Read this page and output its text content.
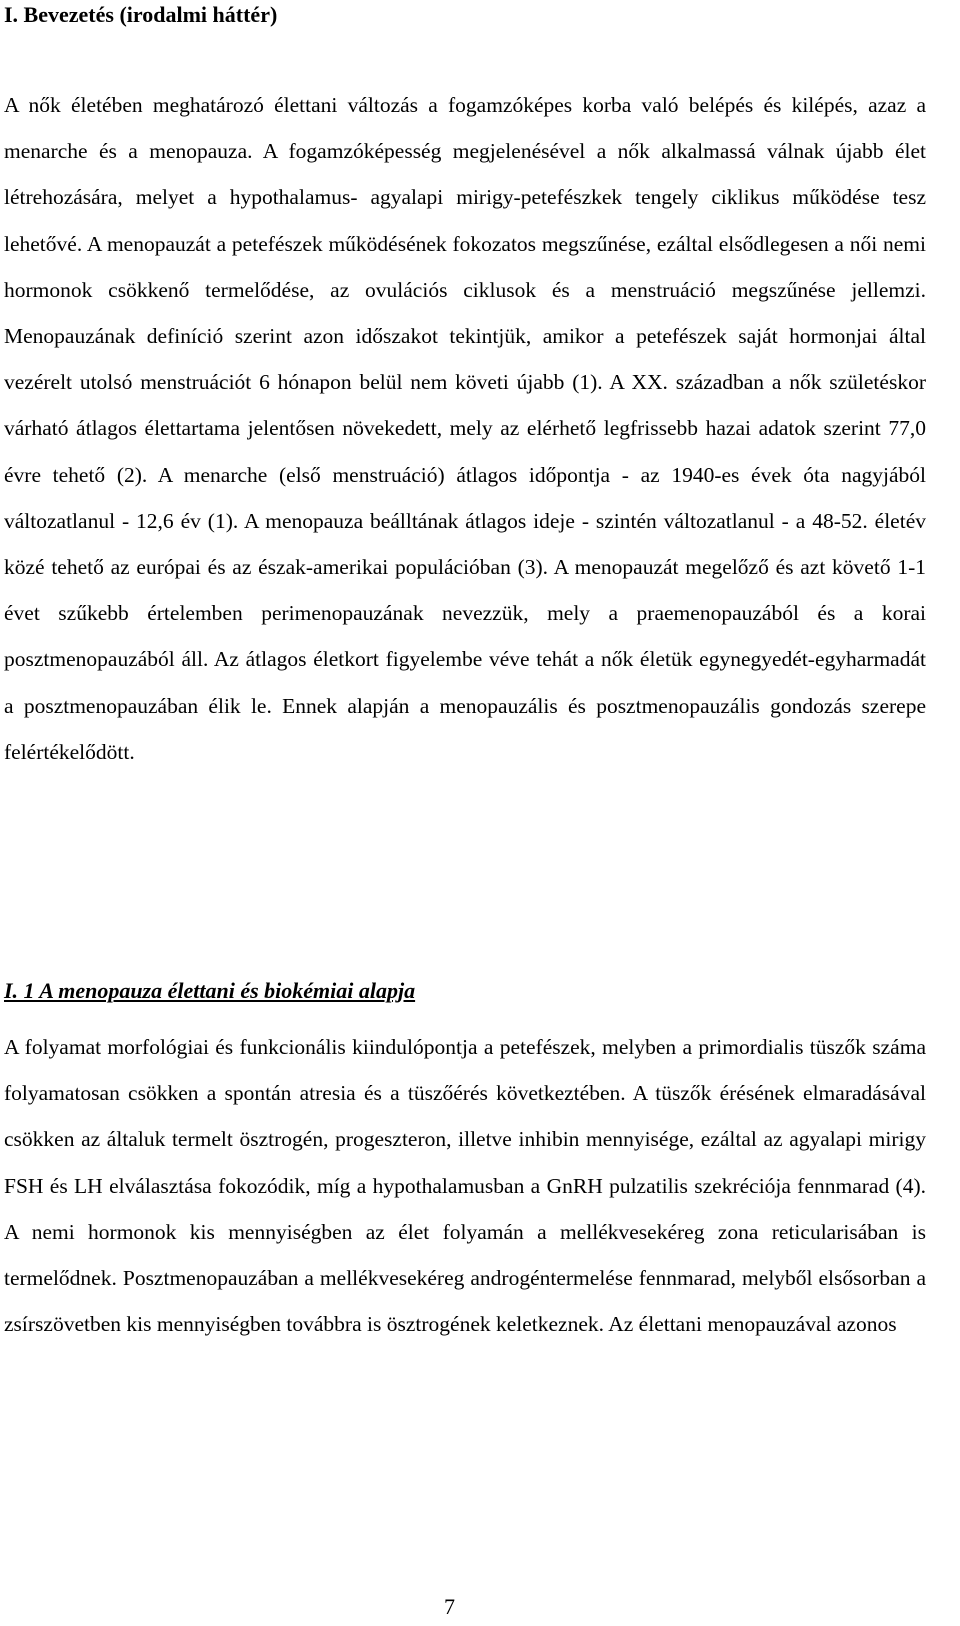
I. Bevezetés (irodalmi háttér)

A nők életében meghatározó élettani változás a fogamzóképes korba való belépés és kilépés, azaz a menarche és a menopauza. A fogamzóképesség megjelenésével a nők alkalmassá válnak újabb élet létrehozására, melyet a hypothalamus- agyalapi mirigy-petefészkek tengely ciklikus működése tesz lehetővé. A menopauzát a petefészek működésének fokozatos megszűnése, ezáltal elsődlegesen a női nemi hormonok csökkenő termelődése, az ovulációs ciklusok és a menstruáció megszűnése jellemzi. Menopauzának definíció szerint azon időszakot tekintjük, amikor a petefészek saját hormonjai által vezérelt utolsó menstruációt 6 hónapon belül nem követi újabb (1). A XX. században a nők születéskor várható átlagos élettartama jelentősen növekedett, mely az elérhető legfrissebb hazai adatok szerint 77,0 évre tehető (2). A menarche (első menstruáció) átlagos időpontja - az 1940-es évek óta nagyjából változatlanul - 12,6 év (1). A menopauza beálltának átlagos ideje - szintén változatlanul - a 48-52. életév közé tehető az európai és az észak-amerikai populációban (3). A menopauzát megelőző és azt követő 1-1 évet szűkebb értelemben perimenopauzának nevezzük, mely a praemenopauzából és a korai posztmenopauzából áll. Az átlagos életkort figyelembe véve tehát a nők életük egynegyedét-egyharmadát a posztmenopauzában élik le. Ennek alapján a menopauzális és posztmenopauzális gondozás szerepe felértékelődött.

I. 1 A menopauza élettani és biokémiai alapja

A folyamat morfológiai és funkcionális kiindulópontja a petefészek, melyben a primordialis tüszők száma folyamatosan csökken a spontán atresia és a tüszőérés következtében. A tüszők érésének elmaradásával csökken az általuk termelt ösztrogén, progeszteron, illetve inhibin mennyisége, ezáltal az agyalapi mirigy FSH és LH elválasztása fokozódik, míg a hypothalamusban a GnRH pulzatilis szekréciója fennmarad (4). A nemi hormonok kis mennyiségben az élet folyamán a mellékvesekéreg zona reticularisában is termelődnek. Posztmenopauzában a mellékvesekéreg androgéntermelése fennmarad, melyből elsősorban a zsírszövetben kis mennyiségben továbbra is ösztrogének keletkeznek. Az élettani menopauzával azonos

7
